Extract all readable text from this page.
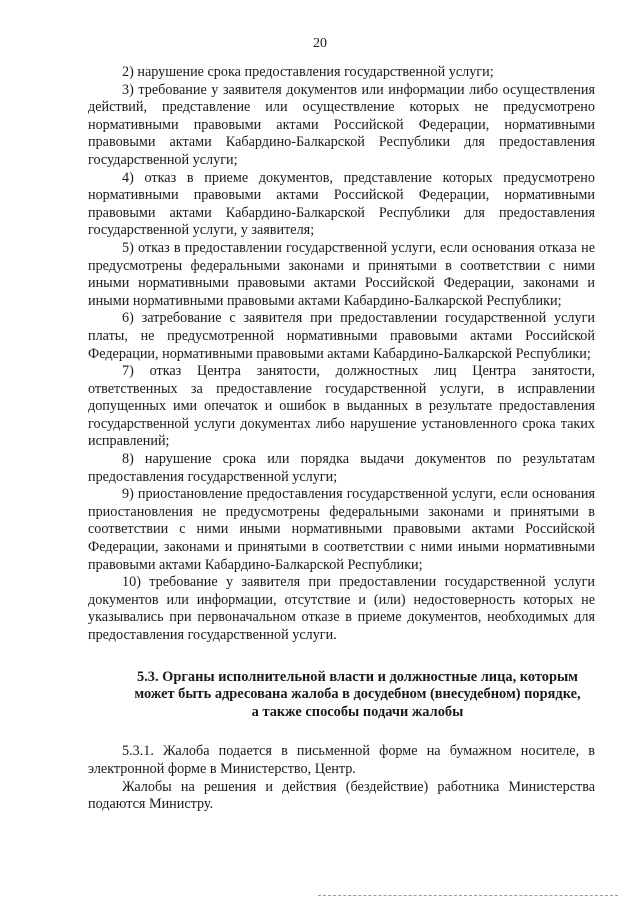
20

2) нарушение срока предоставления государственной услуги;

3) требование у заявителя документов или информации либо осуществления действий, представление или осуществление которых не предусмотрено нормативными правовыми актами Российской Федерации, нормативными правовыми актами Кабардино-Балкарской Республики для предоставления государственной услуги;

4) отказ в приеме документов, представление которых предусмотрено нормативными правовыми актами Российской Федерации, нормативными правовыми актами Кабардино-Балкарской Республики для предоставления государственной услуги, у заявителя;

5) отказ в предоставлении государственной услуги, если основания отказа не предусмотрены федеральными законами и принятыми в соответствии с ними иными нормативными правовыми актами Российской Федерации, законами и иными нормативными правовыми актами Кабардино-Балкарской Республики;

6) затребование с заявителя при предоставлении государственной услуги платы, не предусмотренной нормативными правовыми актами Российской Федерации, нормативными правовыми актами Кабардино-Балкарской Республики;

7) отказ Центра занятости, должностных лиц Центра занятости, ответственных за предоставление государственной услуги, в исправлении допущенных ими опечаток и ошибок в выданных в результате предоставления государственной услуги документах либо нарушение установленного срока таких исправлений;

8) нарушение срока или порядка выдачи документов по результатам предоставления государственной услуги;

9) приостановление предоставления государственной услуги, если основания приостановления не предусмотрены федеральными законами и принятыми в соответствии с ними иными нормативными правовыми актами Российской Федерации, законами и принятыми в соответствии с ними иными нормативными правовыми актами Кабардино-Балкарской Республики;

10) требование у заявителя при предоставлении государственной услуги документов или информации, отсутствие и (или) недостоверность которых не указывались при первоначальном отказе в приеме документов, необходимых для предоставления государственной услуги.

5.3. Органы исполнительной власти и должностные лица, которым
может быть адресована жалоба в досудебном (внесудебном) порядке,
а также способы подачи жалобы

5.3.1. Жалоба подается в письменной форме на бумажном носителе, в электронной форме в Министерство, Центр.

Жалобы на решения и действия (бездействие) работника Министерства подаются Министру.
